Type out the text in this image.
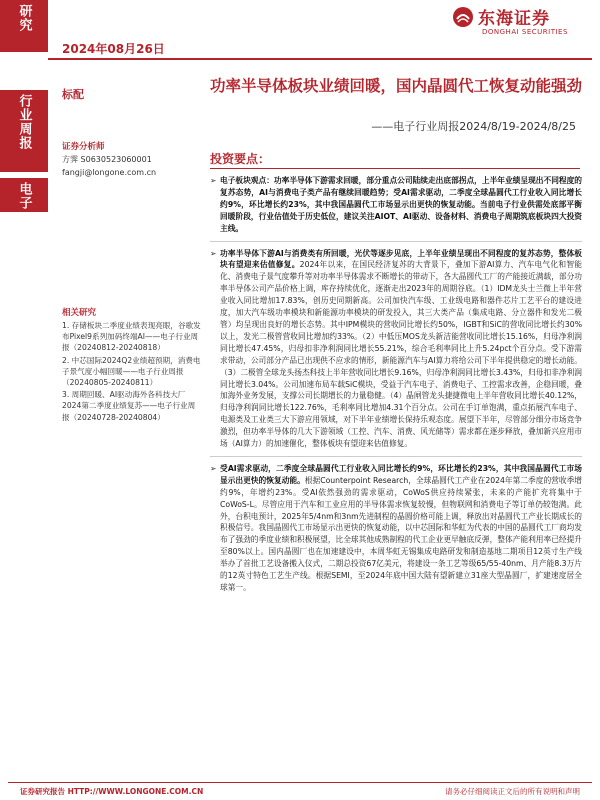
研究
行业周报
电子
2024年08月26日
东海证券
DONGHAI SECURITIES
标配	功率半导体板块业绩回暖，国内晶圆代工恢复动能强劲
——电子行业周报2024/8/19-2024/8/25
证券分析师
方霁 S0630523060001
fangji@longone.com.cn
相关研究
1. 存储板块二季度业绩表现亮眼，谷歌发布Pixel9系列加码终端AI——电子行业周报（20240812-20240818）
2. 中芯国际2024Q2业绩超预期，消费电子景气度小幅回暖——电子行业周报（20240805-20240811）
3. 周期回暖、AI驱动海外各科技大厂2024第二季度业绩复苏——电子行业周报（20240728-20240804）
投资要点：

➢ 电子板块观点：功率半导体下游需求回暖，部分重点公司陆续走出底部拐点，上半年业绩呈现出不同程度的复苏态势，AI与消费电子类产品有继续回暖趋势；受AI需求驱动，二季度全球晶圆代工行业收入同比增长约9%，环比增长约23%，其中我国晶圆代工市场显示出更快的恢复动能。当前电子行业供需处底部平衡回暖阶段，行业估值处于历史低位，建议关注AIOT、AI驱动、设备材料、消费电子周期筑底板块四大投资主线。

➢ 功率半导体下游AI与消费类有所回暖，光伏等逐步见底，上半年业绩呈现出不同程度的复苏态势，整体板块有望迎来估值修复。2024年以来，在国民经济复苏的大背景下，叠加下游AI算力、汽车电气化和智能化、消费电子景气度攀升等对功率半导体需求不断增长的带动下，各大晶圆代工厂的产能接近满载，部分功率半导体公司产品价格上调，库存持续优化，逐渐走出2023年的周期谷底。（1）IDM龙头士兰微上半年营业收入同比增加17.83%，创历史同期新高。公司加快汽车级、工业级电路和器件芯片工艺平台的建设进度，加大汽车级功率模块和新能源功率模块的研发投入，其三大类产品（集成电路、分立器件和发光二极管）均呈现出良好的增长态势。其中IPM模块的营收同比增长约50%，IGBT和SiC的营收同比增长约30%以上，发光二极管营收同比增加约33%。（2）中低压MOS龙头新洁能营收同比增长15.16%，归母净利润同比增长47.45%，归母扣非净利润同比增长55.21%，综合毛利率同比上升5.24pct个百分点。受下游需求带动，公司部分产品已出现供不应求的情形，新能源汽车与AI算力将给公司下半年提供稳定的增长动能。（3）二极管全球龙头扬杰科技上半年营收同比增长9.16%，归母净利润同比增长3.43%，归母扣非净利润同比增长3.04%。公司加速布局车载SiC模块，受益于汽车电子、消费电子、工控需求改善，企稳回暖，叠加海外业务发展，支撑公司长期增长的力量稳健。（4）晶闸管龙头捷捷微电上半年营收同比增长40.12%，归母净利润同比增长122.76%，毛利率同比增加4.31个百分点。公司在手订单饱满，重点拓展汽车电子、电源类及工业类三大下游应用领域，对下半年业绩增长保持乐观态度。展望下半年，尽管部分细分市场竞争激烈，但功率半导体的几大下游领域（工控、汽车、消费、风光储等）需求都在逐步释放，叠加新兴应用市场（AI算力）的加速催化，整体板块有望迎来估值修复。

➢ 受AI需求驱动，二季度全球晶圆代工行业收入同比增长约9%，环比增长约23%，其中我国晶圆代工市场显示出更快的恢复动能。根据Counterpoint Research，全球晶圆代工产业在2024年第二季度的营收季增约9%，年增约23%。受AI依然强劲的需求驱动，CoWoS供应持续紧张，未来的产能扩充将集中于CoWoS-L。尽管应用于汽车和工业应用的半导体需求恢复较慢，但物联网和消费电子等订单仍较饱满。此外，台积电预计，2025年5/4nm和3nm先进制程的晶圆价格可能上调，释放出对晶圆代工产业长期成长的积极信号。我国晶圆代工市场显示出更快的恢复动能，以中芯国际和华虹为代表的中国的晶圆代工厂商均发布了强劲的季度业绩和积极展望，比全球其他成熟制程的代工企业更早触底反弹，整体产能利用率已经提升至80%以上。国内晶圆厂也在加速建设中，本周华虹无锡集成电路研发和制造基地二期项目12英寸生产线举办了首批工艺设备搬入仪式，二期总投资67亿美元，将建设一条工艺等级65/55-40nm、月产能8.3万片的12英寸特色工艺生产线。根据SEMI，至2024年底中国大陆有望新建立31座大型晶圆厂，扩建速度居全球第一。

证券研究报告 HTTP://WWW.LONGONE.COM.CN	请务必仔细阅读正文后的所有说明和声明
